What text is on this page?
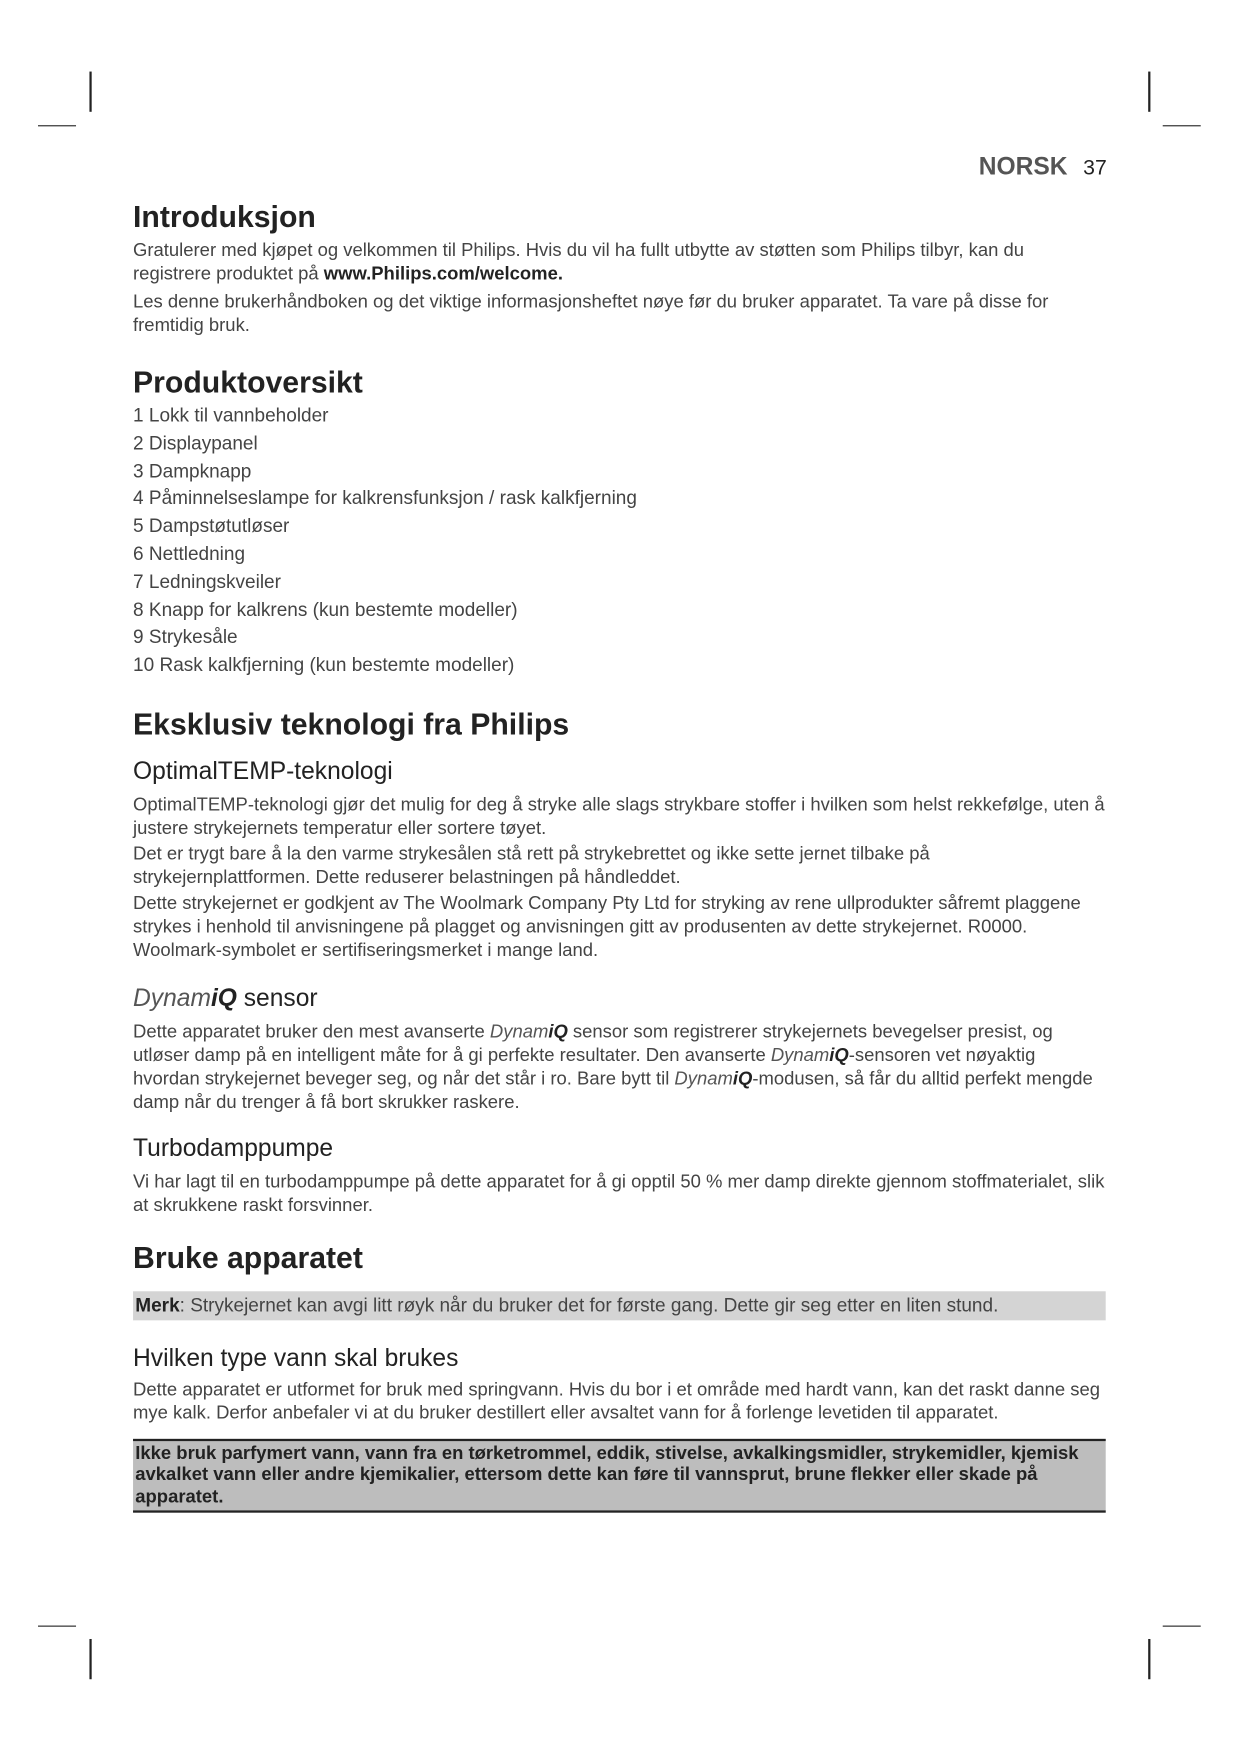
NORSK 37
Introduksjon

Gratulerer med kjøpet og velkommen til Philips. Hvis du vil ha fullt utbytte av støtten som Philips tilbyr, kan du registrere produktet på www.Philips.com/welcome.

Les denne brukerhåndboken og det viktige informasjonsheftet nøye før du bruker apparatet. Ta vare på disse for fremtidig bruk.

Produktoversikt
1 Lokk til vannbeholder
2 Displaypanel
3 Dampknapp
4 Påminnelseslampe for kalkrensfunksjon / rask kalkfjerning
5 Dampstøtutløser
6 Nettledning
7 Ledningskveiler
8 Knapp for kalkrens (kun bestemte modeller)
9 Strykesåle
10 Rask kalkfjerning (kun bestemte modeller)
Eksklusiv teknologi fra Philips
OptimalTEMP-teknologi

OptimalTEMP-teknologi gjør det mulig for deg å stryke alle slags strykbare stoffer i hvilken som helst rekkefølge, uten å justere strykejernets temperatur eller sortere tøyet.

Det er trygt bare å la den varme strykesålen stå rett på strykebrettet og ikke sette jernet tilbake på strykejernplattformen. Dette reduserer belastningen på håndleddet.

Dette strykejernet er godkjent av The Woolmark Company Pty Ltd for stryking av rene ullprodukter såfremt plaggene strykes i henhold til anvisningene på plagget og anvisningen gitt av produsenten av dette strykejernet. R0000. Woolmark-symbolet er sertifiseringsmerket i mange land.

DynamiQ sensor

Dette apparatet bruker den mest avanserte DynamiQ sensor som registrerer strykejernets bevegelser presist, og utløser damp på en intelligent måte for å gi perfekte resultater. Den avanserte DynamiQ-sensoren vet nøyaktig hvordan strykejernet beveger seg, og når det står i ro. Bare bytt til DynamiQ-modusen, så får du alltid perfekt mengde damp når du trenger å få bort skrukker raskere.

Turbodamppumpe

Vi har lagt til en turbodamppumpe på dette apparatet for å gi opptil 50 % mer damp direkte gjennom stoffmaterialet, slik at skrukkene raskt forsvinner.

Bruke apparatet
Merk: Strykejernet kan avgi litt røyk når du bruker det for første gang. Dette gir seg etter en liten stund.
Hvilken type vann skal brukes

Dette apparatet er utformet for bruk med springvann. Hvis du bor i et område med hardt vann, kan det raskt danne seg mye kalk. Derfor anbefaler vi at du bruker destillert eller avsaltet vann for å forlenge levetiden til apparatet.

Ikke bruk parfymert vann, vann fra en tørketrommel, eddik, stivelse, avkalkingsmidler, strykemidler, kjemisk avkalket vann eller andre kjemikalier, ettersom dette kan føre til vannsprut, brune flekker eller skade på apparatet.
